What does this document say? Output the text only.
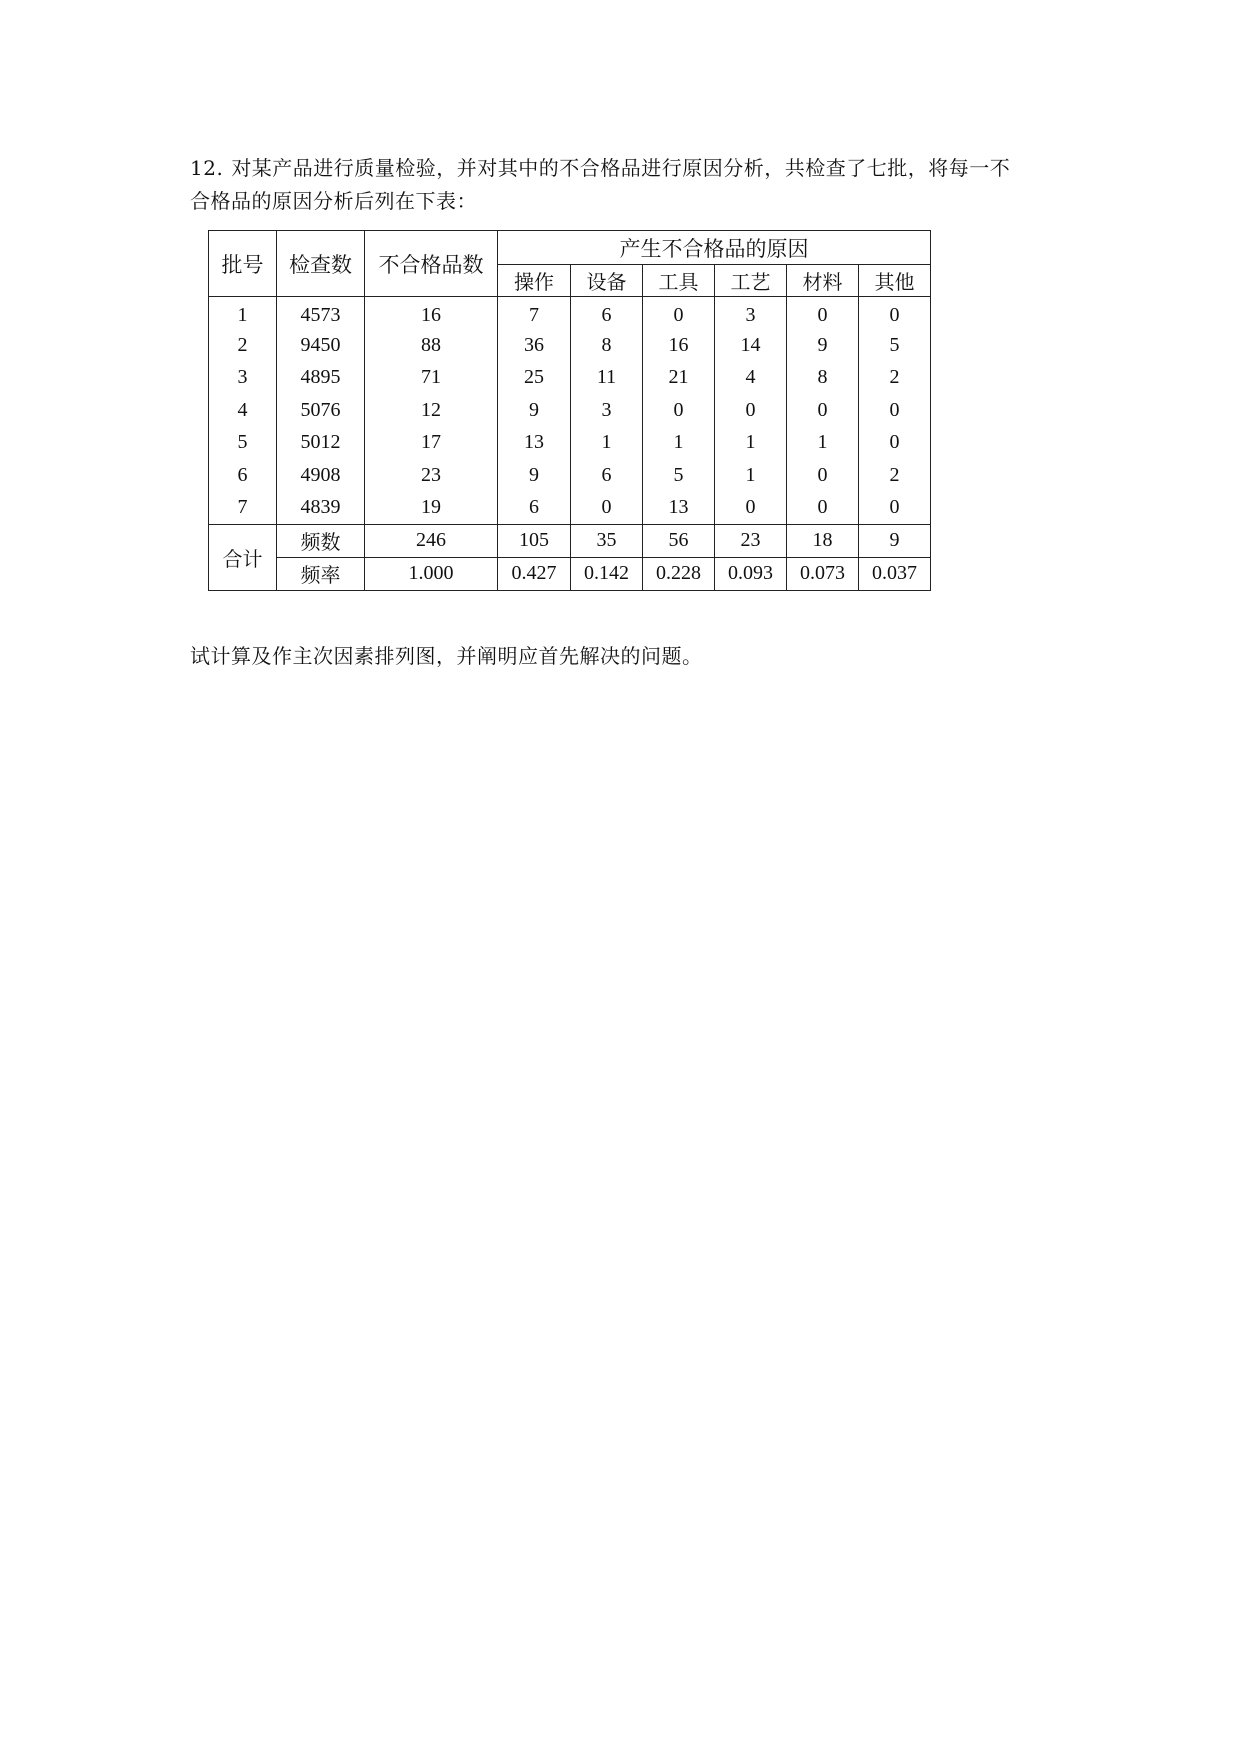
12. 对某产品进行质量检验，并对其中的不合格品进行原因分析，共检查了七批，将每一不
合格品的原因分析后列在下表：
批号	检查数	不合格品数	产生不合格品的原因					
			操作	设备	工具	工艺	材料	其他
1	4573	16	7	6	0	3	0	0
2	9450	88	36	8	16	14	9	5
3	4895	71	25	11	21	4	8	2
4	5076	12	9	3	0	0	0	0
5	5012	17	13	1	1	1	1	0
6	4908	23	9	6	5	1	0	2
7	4839	19	6	0	13	0	0	0
合计	频数	246	105	35	56	23	18	9
	频率	1.000	0.427	0.142	0.228	0.093	0.073	0.037
试计算及作主次因素排列图，并阐明应首先解决的问题。
